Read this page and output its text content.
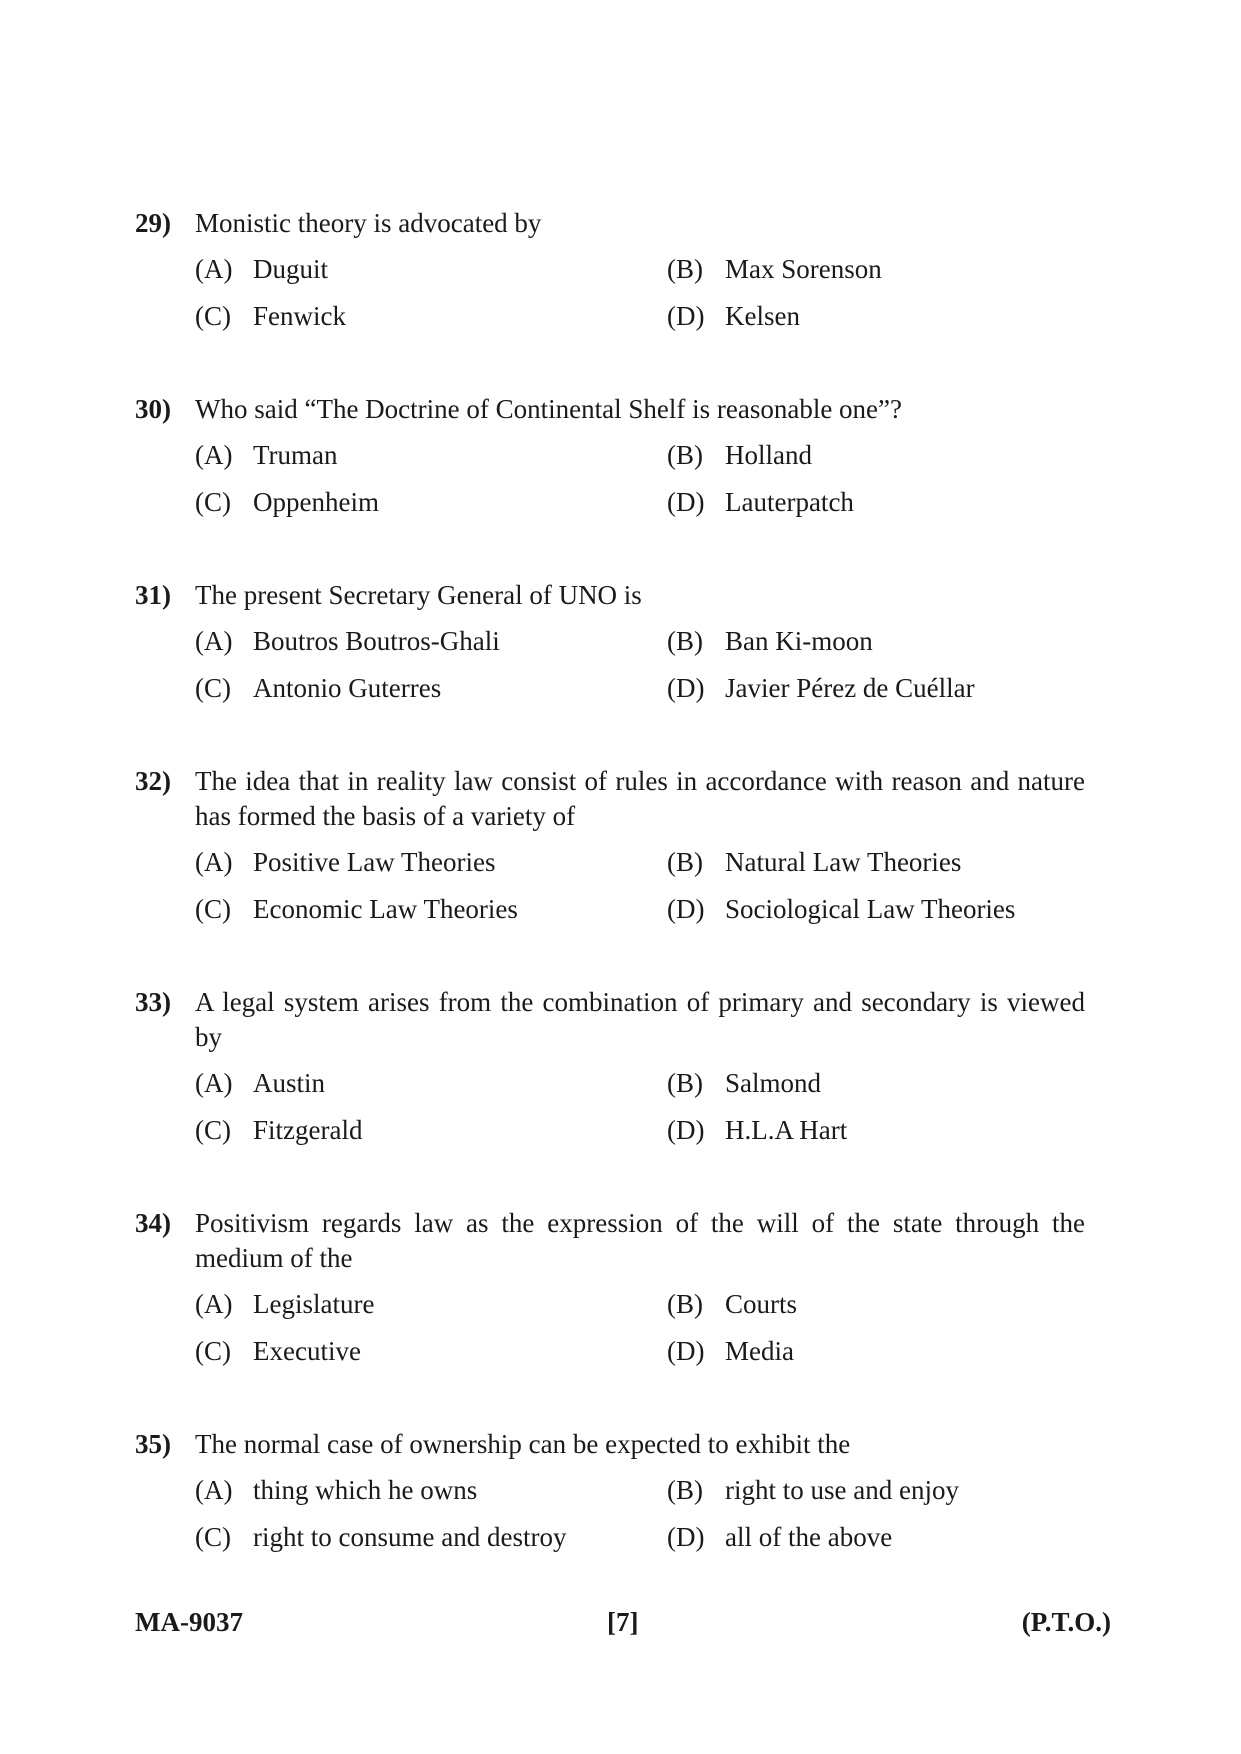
29) Monistic theory is advocated by
(A) Duguit	(B) Max Sorenson
(C) Fenwick	(D) Kelsen
30) Who said “The Doctrine of Continental Shelf is reasonable one”?
(A) Truman	(B) Holland
(C) Oppenheim	(D) Lauterpatch
31) The present Secretary General of UNO is
(A) Boutros Boutros-Ghali	(B) Ban Ki-moon
(C) Antonio Guterres	(D) Javier Pérez de Cuéllar
32) The idea that in reality law consist of rules in accordance with reason and nature has formed the basis of a variety of
(A) Positive Law Theories	(B) Natural Law Theories
(C) Economic Law Theories	(D) Sociological Law Theories
33) A legal system arises from the combination of primary and secondary is viewed by
(A) Austin	(B) Salmond
(C) Fitzgerald	(D) H.L.A Hart
34) Positivism regards law as the expression of the will of the state through the medium of the
(A) Legislature	(B) Courts
(C) Executive	(D) Media
35) The normal case of ownership can be expected to exhibit the
(A) thing which he owns	(B) right to use and enjoy
(C) right to consume and destroy	(D) all of the above
MA-9037	[7]	(P.T.O.)
